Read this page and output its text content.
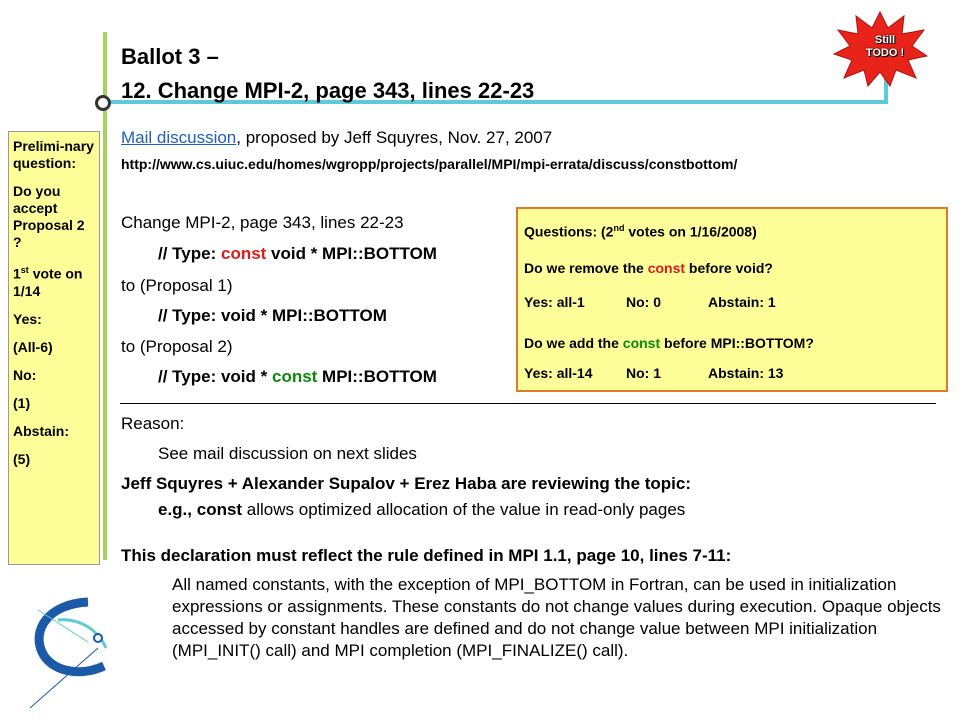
Ballot 3 –
12. Change MPI-2, page 343, lines 22-23
Still
TODO !

Prelimi-nary question:

Do you accept Proposal 2 ?

1st vote on 1/14

Yes:

(All-6)

No:

(1)

Abstain:

(5)

Mail discussion, proposed by Jeff Squyres, Nov. 27, 2007
http://www.cs.uiuc.edu/homes/wgropp/projects/parallel/MPI/mpi-errata/discuss/constbottom/
Change MPI-2, page 343, lines 22-23
// Type: const void * MPI::BOTTOM
to (Proposal 1)
// Type: void * MPI::BOTTOM
to (Proposal 2)
// Type: void * const MPI::BOTTOM
Questions: (2nd votes on 1/16/2008)
Do we remove the const before void?
Yes: all-1	No: 0	Abstain: 1
Do we add the const before MPI::BOTTOM?
Yes: all-14 No: 1	Abstain: 13
Reason:
See mail discussion on next slides
Jeff Squyres + Alexander Supalov + Erez Haba are reviewing the topic:
e.g., const allows optimized allocation of the value in read-only pages
This declaration must reflect the rule defined in MPI 1.1, page 10, lines 7-11:
All named constants, with the exception of MPI_BOTTOM in Fortran, can be used in initialization expressions or assignments. These constants do not change values during execution. Opaque objects accessed by constant handles are defined and do not change value between MPI initialization (MPI_INIT() call) and MPI completion (MPI_FINALIZE() call).
